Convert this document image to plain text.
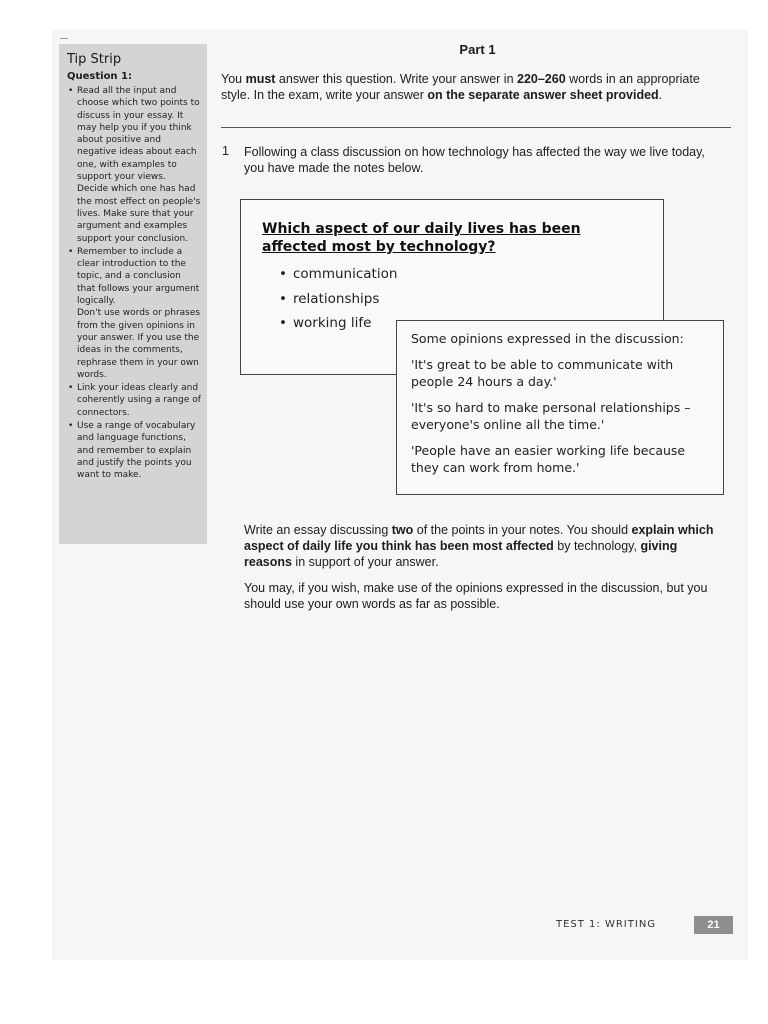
Tip Strip
Question 1:
• Read all the input and choose which two points to discuss in your essay. It may help you if you think about positive and negative ideas about each one, with examples to support your views.
Decide which one has had the most effect on people's lives. Make sure that your argument and examples support your conclusion.
• Remember to include a clear introduction to the topic, and a conclusion that follows your argument logically.
Don't use words or phrases from the given opinions in your answer. If you use the ideas in the comments, rephrase them in your own words.
• Link your ideas clearly and coherently using a range of connectors.
• Use a range of vocabulary and language functions, and remember to explain and justify the points you want to make.
Part 1
You must answer this question. Write your answer in 220–260 words in an appropriate style. In the exam, write your answer on the separate answer sheet provided.
1 Following a class discussion on how technology has affected the way we live today, you have made the notes below.
Which aspect of our daily lives has been affected most by technology?
• communication
• relationships
• working life
Some opinions expressed in the discussion:
'It's great to be able to communicate with people 24 hours a day.'
'It's so hard to make personal relationships – everyone's online all the time.'
'People have an easier working life because they can work from home.'
Write an essay discussing two of the points in your notes. You should explain which aspect of daily life you think has been most affected by technology, giving reasons in support of your answer.
You may, if you wish, make use of the opinions expressed in the discussion, but you should use your own words as far as possible.
TEST 1: WRITING	21
